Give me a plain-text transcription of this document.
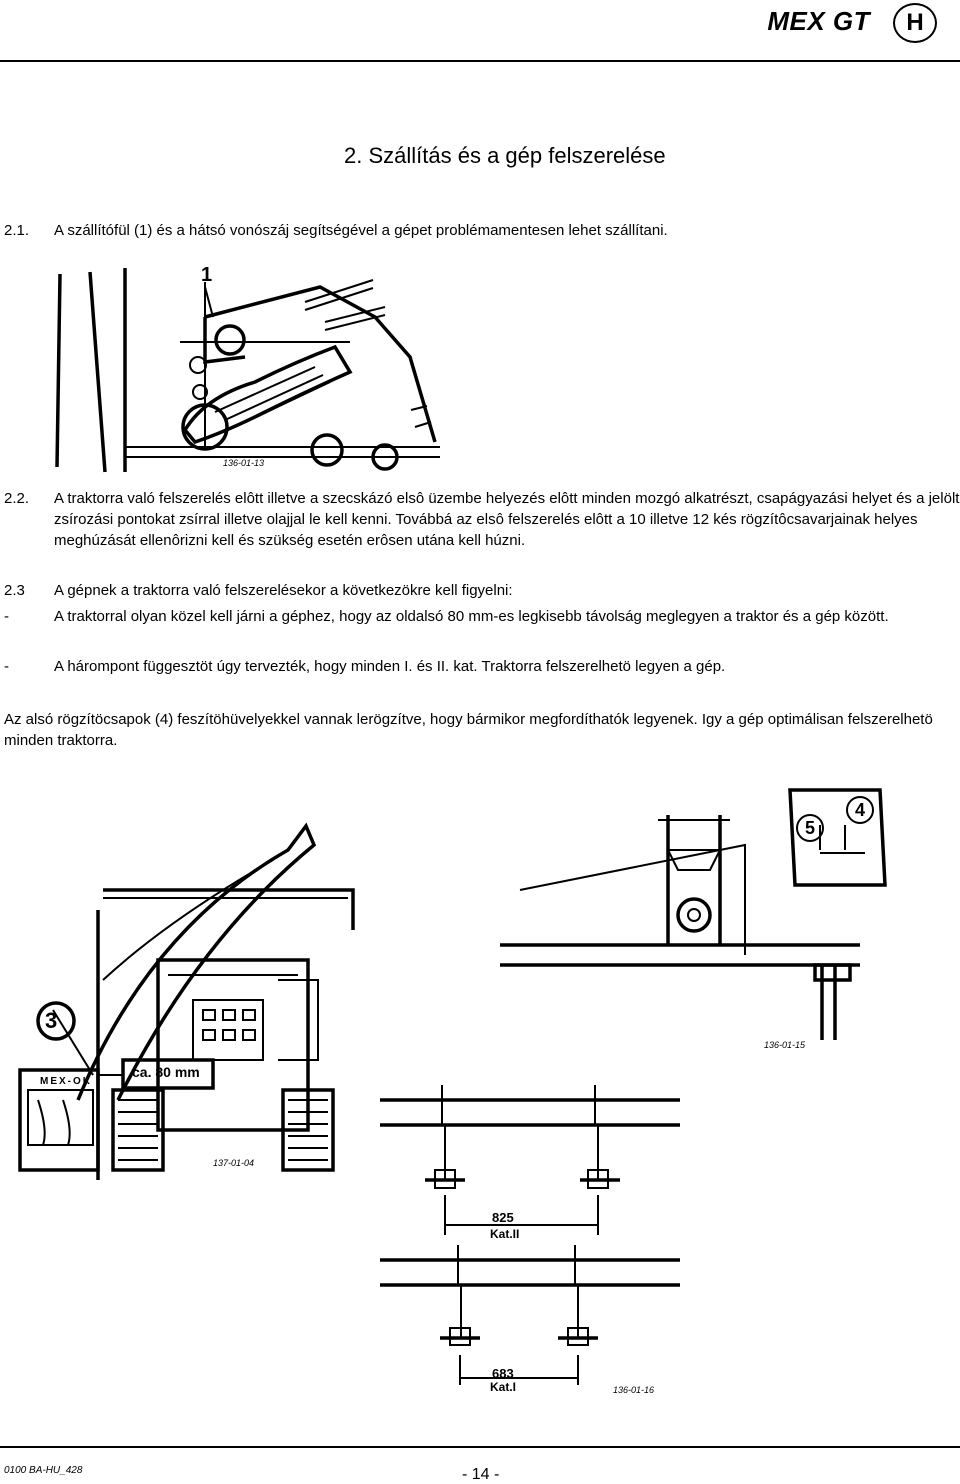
MEX GT	H
2. Szállítás és a gép felszerelése
2.1. A szállítófül (1) és a hátsó vonószáj segítségével a gépet problémamentesen lehet szállítani.
1
136-01-13
2.2. A traktorra való felszerelés elôtt illetve a szecskázó elsô üzembe helyezés elôtt minden mozgó alkatrészt, csapágyazási helyet és a jelölt
zsírozási pontokat zsírral illetve olajjal le kell kenni. Továbbá az elsô felszerelés elôtt a 10 illetve 12 kés rögzítôcsavarjainak helyes
meghúzását ellenôrizni kell és szükség esetén erôsen utána kell húzni.
2.3 A gépnek a traktorra való felszerelésekor a következökre kell figyelni:
-	A traktorral olyan közel kell járni a géphez, hogy az oldalsó 80 mm-es legkisebb távolság meglegyen a traktor és a gép között.
-	A hárompont függesztöt úgy tervezték, hogy minden I. és II. kat. Traktorra felszerelhetö legyen a gép.
Az alsó rögzítöcsapok (4) feszítöhüvelyekkel vannak lerögzítve, hogy bármikor megfordíthatók legyenek. Igy a gép optimálisan felszerelhetö
minden traktorra.
3
MEX-OK
ca. 80 mm
137-01-04
5
4
136-01-15
825
Kat.II
683
Kat.I	136-01-16
0100 BA-HU_428	- 14 -
